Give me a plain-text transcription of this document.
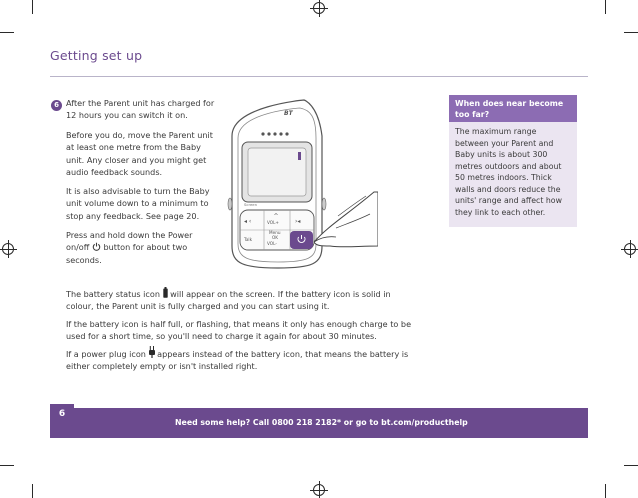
Getting set up
6 After the Parent unit has charged for 12 hours you can switch it on.
Before you do, move the Parent unit at least one metre from the Baby unit. Any closer and you might get audio feedback sounds.
It is also advisable to turn the Baby unit volume down to a minimum to stop any feedback. See page 20.
Press and hold down the Power on/off button for about two seconds.
◂ ‹	›◂
^
BT
VOL+
Menu
OK
VOL-
Talk
Screen
The battery status icon will appear on the screen. If the battery icon is solid in colour, the Parent unit is fully charged and you can start using it.
If the battery icon is half full, or flashing, that means it only has enough charge to be used for a short time, so you'll need to charge it again for about 30 minutes.
If a power plug icon appears instead of the battery icon, that means the battery is either completely empty or isn't installed right.
When does near become too far?
The maximum range between your Parent and Baby units is about 300 metres outdoors and about 50 metres indoors. Thick walls and doors reduce the units' range and affect how they link to each other.
6
Need some help? Call 0800 218 2182* or go to bt.com/producthelp
